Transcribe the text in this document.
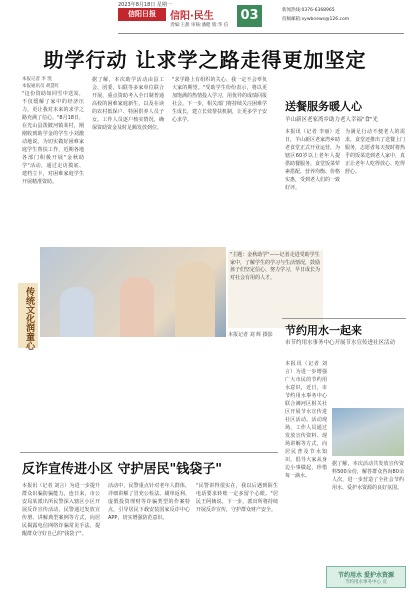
2023年8月18日 星期一
信阳日报	信阳·民生 03
责编:王甜 审核:潘健 版:华 信
新闻热线:0376-6368965
投稿邮箱:xywbnews@126.com
助学行动 让求学之路走得更加坚定
本报记者 李 凯
本报通讯员 胡慧红
"这份资助如同雪中送炭，不仅缓解了家中的经济压力，更让我对未来的求学之路充满了信心。"8月18日，在光山县泼陂河镇某村，刚刚收到助学金的学生小刘激动地说。为切实做好困难家庭学生帮扶工作，近期各地各部门积极开展"金秋助学"活动，通过走访摸底、建档立卡，对困难家庭学生开展精准资助。
据了解，本次助学活动由县工会、团委、妇联等多家单位联合开展，重点资助考入全日制普通高校的困难家庭新生，以及在读的农村低保户、特困供养人员子女。工作人员逐户核实情况，确保资助资金及时足额发放到位。
"求学路上有组织的关心，我一定不会辜负大家的期望。"受助学生纷纷表示，将以更加饱满的热情投入学习，用优异的成绩回报社会。下一步，相关部门将持续关注困难学生成长，建立长效帮扶机制，让更多学子安心求学。
传统文化润童心
"主题：金秋助学"——记者走进受助学生家中，了解学生的学习与生活情况，鼓励孩子们坚定信心、努力学习，早日成长为对社会有用的人才。
本报记者 刘 辉 摄影
送餐服务暖人心
羊山新区老家湾乡助力老人幸福"食"光
本报讯（记者 李丽）近日，羊山新区老家湾乡助老食堂正式开业运营，为辖区60岁以上老年人提供助餐服务。食堂饭菜荤素搭配、营养均衡、价格实惠，受到老人们的一致好评。
为满足行动不便老人的需求，食堂还推出了送餐上门服务，志愿者每天按时将热乎的饭菜送到老人家中，真正让老年人吃得放心、吃得舒心。
节约用水一起来
市节约用水事务中心开展节水宣传进社区活动
本报讯（记者 刘言）为进一步增强广大市民的节约用水意识，近日，市节约用水事务中心联合浉河区相关社区开展节水宣传进社区活动。活动现场，工作人员通过发放宣传资料、现场讲解等方式，向居民普及节水知识，倡导大家从身边小事做起，珍惜每一滴水。
据了解，本次活动共发放宣传资料500余份，解答群众咨询80余人次，进一步营造了全社会节约用水、爱护水资源的良好氛围。
反诈宣传进小区 守护居民"钱袋子"
本报讯（记者 刘言）为进一步提升群众识骗防骗能力，连日来，市公安局某派出所民警深入辖区小区开展反诈宣传活动。民警通过发放宣传册、讲解典型案例等方式，向居民揭露电信网络诈骗常见手法，提醒群众守好自己的"钱袋子"。
活动中，民警重点针对老年人群体，详细讲解了冒充公检法、刷单返利、虚假投资理财等诈骗类型的作案特点，引导居民下载安装国家反诈中心APP，切实增强防范意识。
"民警讲得很实在，我以后遇到陌生电话要求转账一定多留个心眼。"居民王阿姨说。下一步，派出所将持续开展反诈宣传，守护群众财产安全。
节约用水 爱护水资源
节约用水事务中心 宣
